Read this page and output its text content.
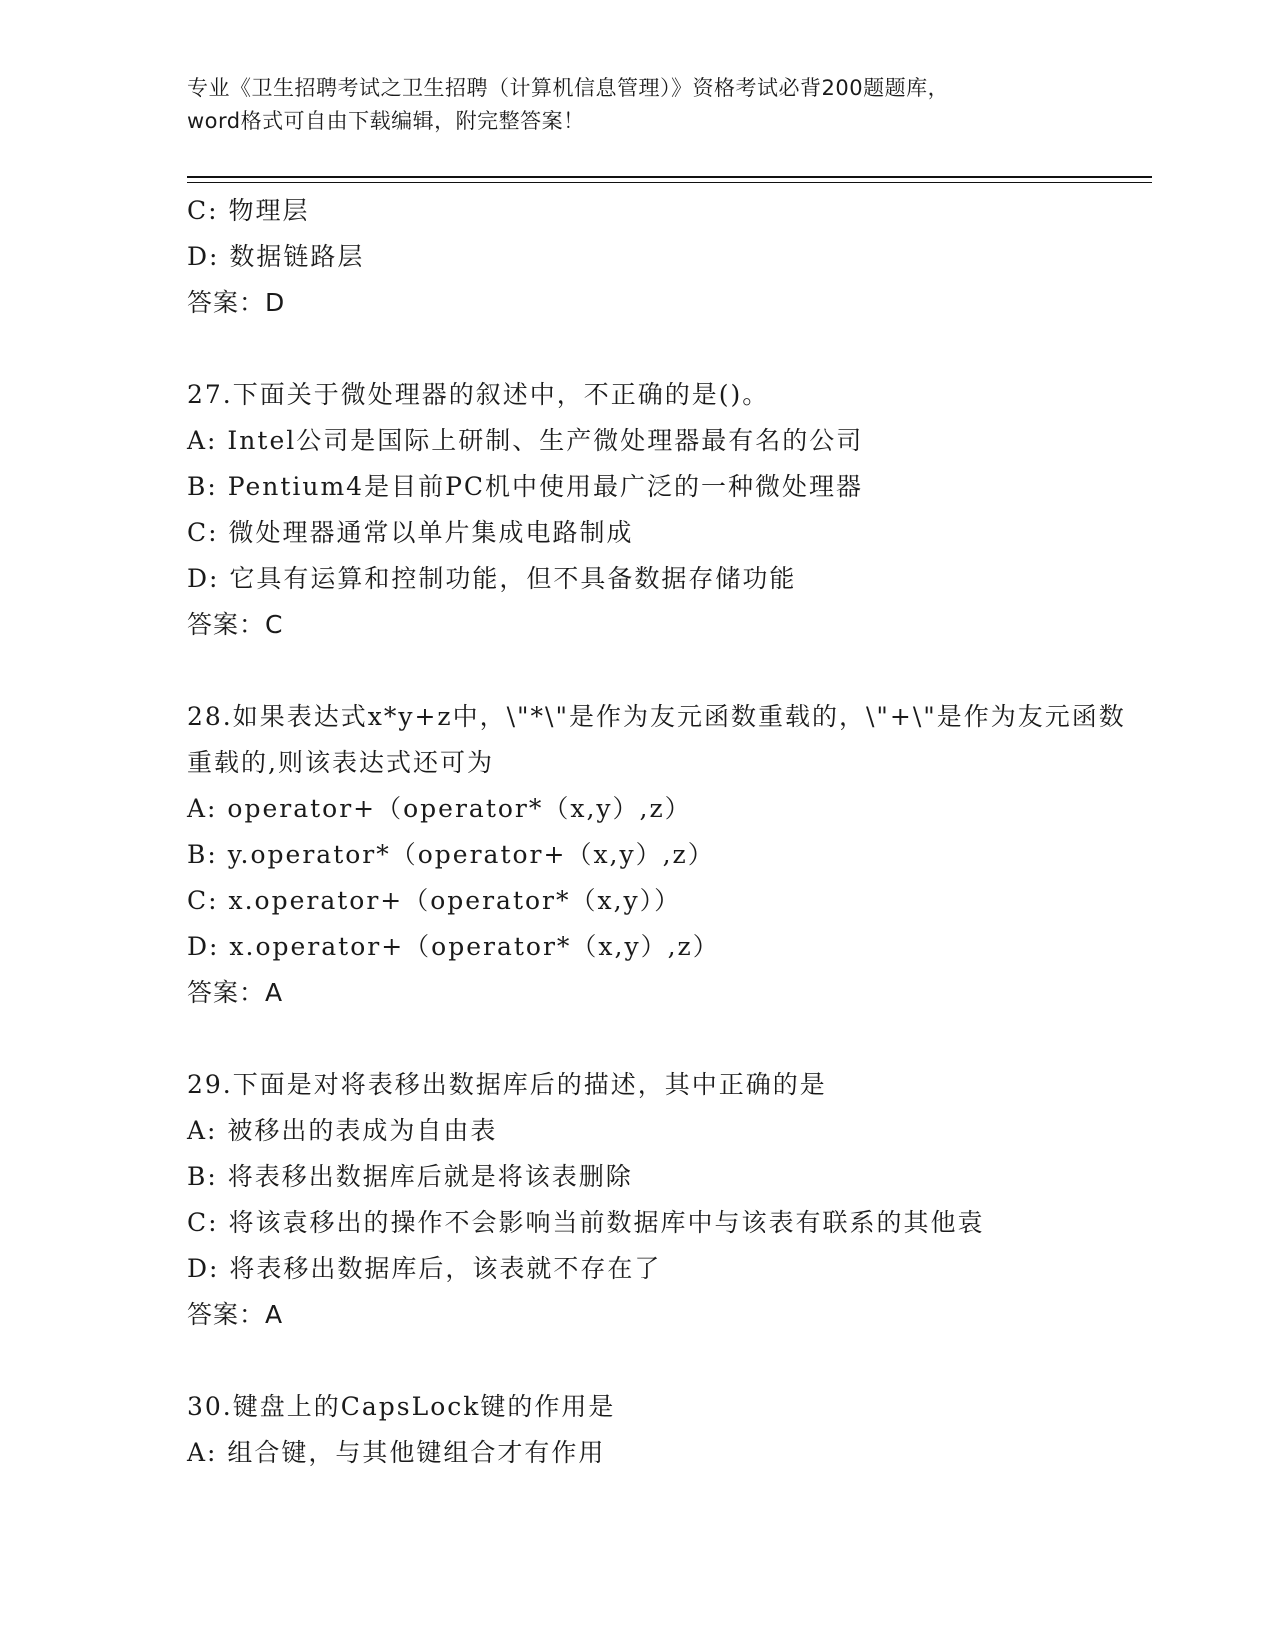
专业《卫生招聘考试之卫生招聘（计算机信息管理）》资格考试必背200题题库，
word格式可自由下载编辑，附完整答案！
C: 物理层
D: 数据链路层
答案：D
27.下面关于微处理器的叙述中，不正确的是()。
A: Intel公司是国际上研制、生产微处理器最有名的公司
B: Pentium4是目前PC机中使用最广泛的一种微处理器
C: 微处理器通常以单片集成电路制成
D: 它具有运算和控制功能，但不具备数据存储功能
答案：C
28.如果表达式x*y+z中，\"*\"是作为友元函数重载的，\"+\"是作为友元函数重载的,则该表达式还可为
A: operator+（operator*（x,y）,z）
B: y.operator*（operator+（x,y）,z）
C: x.operator+（operator*（x,y））
D: x.operator+（operator*（x,y）,z）
答案：A
29.下面是对将表移出数据库后的描述，其中正确的是
A: 被移出的表成为自由表
B: 将表移出数据库后就是将该表删除
C: 将该袁移出的操作不会影响当前数据库中与该表有联系的其他袁
D: 将表移出数据库后，该表就不存在了
答案：A
30.键盘上的CapsLock键的作用是
A: 组合键，与其他键组合才有作用
